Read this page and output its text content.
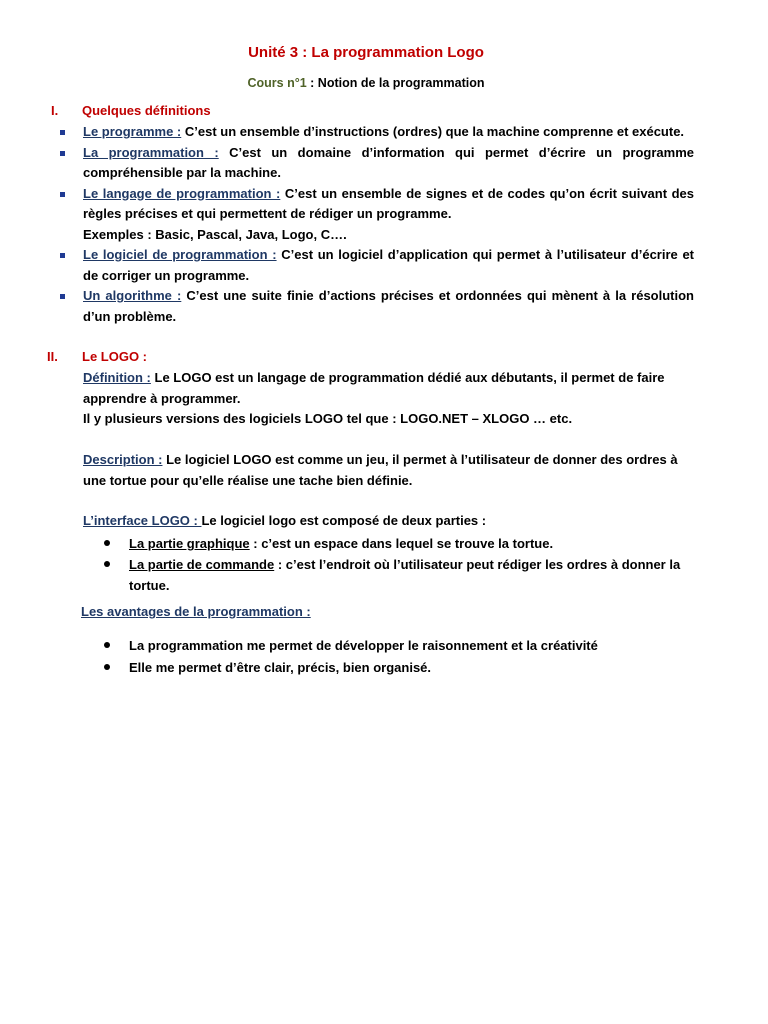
Unité 3 : La programmation Logo
Cours n°1 : Notion de la programmation
I. Quelques définitions
Le programme : C’est un ensemble d’instructions (ordres) que la machine comprenne et exécute.
La programmation : C’est un domaine d’information qui permet d’écrire un programme compréhensible par la machine.
Le langage de programmation : C’est un ensemble de signes et de codes qu’on écrit suivant des règles précises et qui permettent de rédiger un programme.
Exemples : Basic, Pascal, Java, Logo, C….
Le logiciel de programmation : C’est un logiciel d’application qui permet à l’utilisateur d’écrire et de corriger un programme.
Un algorithme : C’est une suite finie d’actions précises et ordonnées qui mènent à la résolution d’un problème.
II. Le LOGO :
Définition : Le LOGO est un langage de programmation dédié aux débutants, il permet de faire apprendre à programmer.
Il y plusieurs versions des logiciels LOGO tel que : LOGO.NET – XLOGO … etc.
Description : Le logiciel LOGO est comme un jeu, il permet à l’utilisateur de donner des ordres à une tortue pour qu’elle réalise une tache bien définie.
L’interface LOGO : Le logiciel logo est composé de deux parties :
La partie graphique : c’est un espace dans lequel se trouve la tortue.
La partie de commande : c’est l’endroit où l’utilisateur peut rédiger les ordres à donner la tortue.
Les avantages de la programmation :
La programmation me permet de développer le raisonnement et la créativité
Elle me permet d’être clair, précis, bien organisé.
